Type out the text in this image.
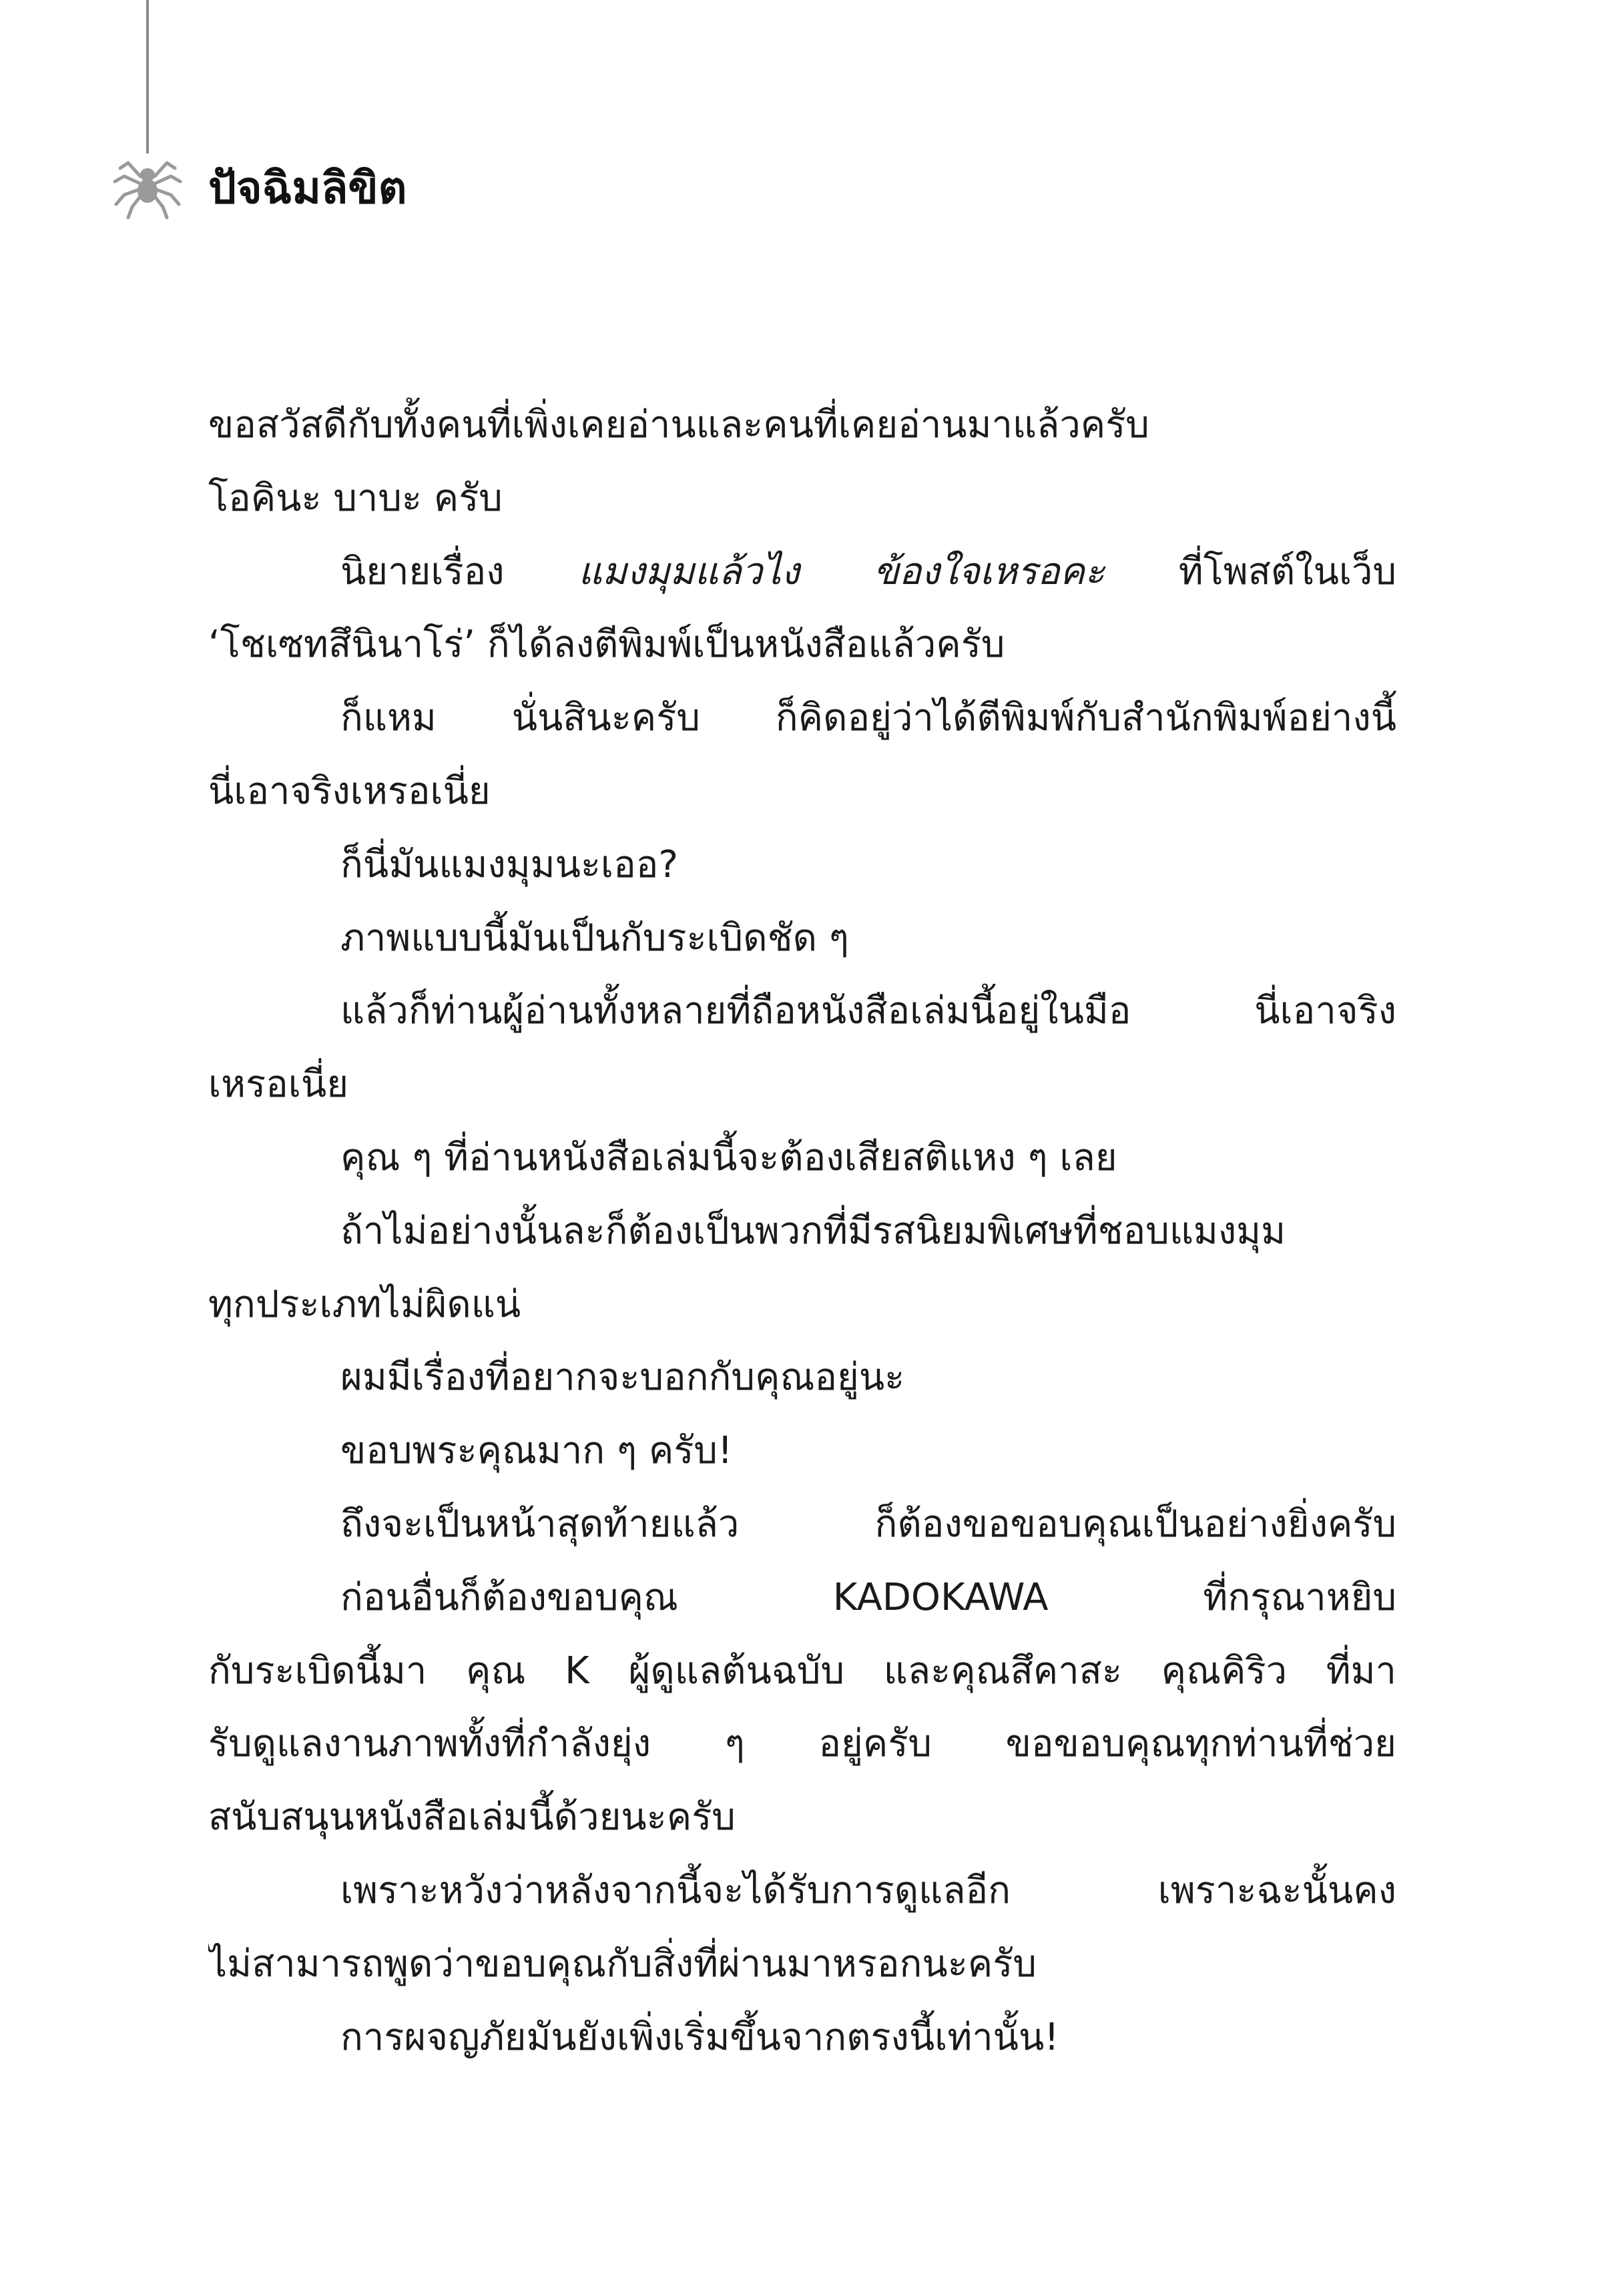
ปัจฉิมลิขิต
ขอสวัสดีกับทั้งคนที่เพิ่งเคยอ่านและคนที่เคยอ่านมาแล้วครับ
โอคินะ บาบะ ครับ
นิยายเรื่อง แมงมุมแล้วไง ข้องใจเหรอคะ ที่โพสต์ในเว็บ
‘โชเซทสึนินาโร่’ ก็ได้ลงตีพิมพ์เป็นหนังสือแล้วครับ
ก็แหม นั่นสินะครับ ก็คิดอยู่ว่าได้ตีพิมพ์กับสำนักพิมพ์อย่างนี้
นี่เอาจริงเหรอเนี่ย
ก็นี่มันแมงมุมนะเออ?
ภาพแบบนี้มันเป็นกับระเบิดชัด ๆ
แล้วก็ท่านผู้อ่านทั้งหลายที่ถือหนังสือเล่มนี้อยู่ในมือ นี่เอาจริง
เหรอเนี่ย
คุณ ๆ ที่อ่านหนังสือเล่มนี้จะต้องเสียสติแหง ๆ เลย
ถ้าไม่อย่างนั้นละก็ต้องเป็นพวกที่มีรสนิยมพิเศษที่ชอบแมงมุม
ทุกประเภทไม่ผิดแน่
ผมมีเรื่องที่อยากจะบอกกับคุณอยู่นะ
ขอบพระคุณมาก ๆ ครับ!
ถึงจะเป็นหน้าสุดท้ายแล้ว ก็ต้องขอขอบคุณเป็นอย่างยิ่งครับ
ก่อนอื่นก็ต้องขอบคุณ KADOKAWA ที่กรุณาหยิบ
กับระเบิดนี้มา คุณ K ผู้ดูแลต้นฉบับ และคุณสึคาสะ คุณคิริว ที่มา
รับดูแลงานภาพทั้งที่กำลังยุ่ง ๆ อยู่ครับ ขอขอบคุณทุกท่านที่ช่วย
สนับสนุนหนังสือเล่มนี้ด้วยนะครับ
เพราะหวังว่าหลังจากนี้จะได้รับการดูแลอีก เพราะฉะนั้นคง
ไม่สามารถพูดว่าขอบคุณกับสิ่งที่ผ่านมาหรอกนะครับ
การผจญภัยมันยังเพิ่งเริ่มขึ้นจากตรงนี้เท่านั้น!
